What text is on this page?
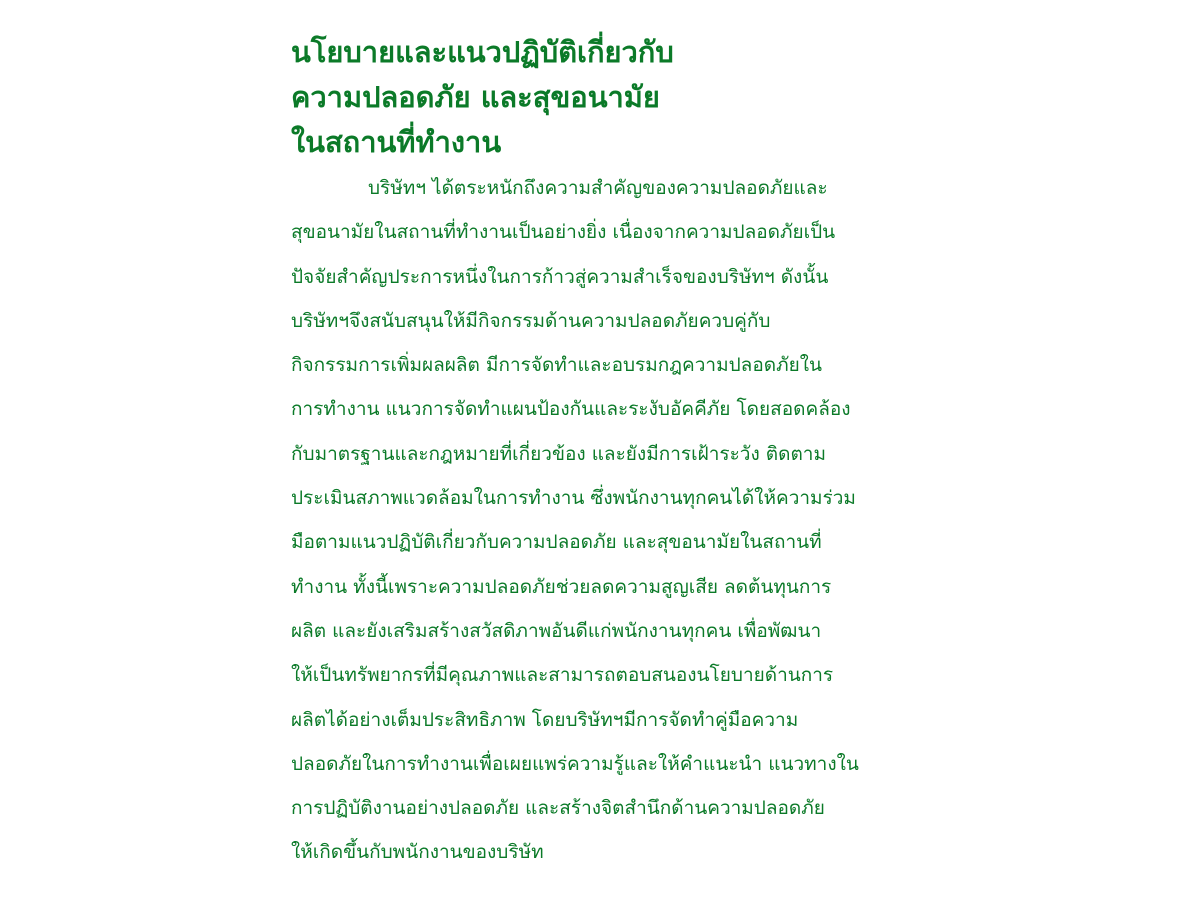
นโยบายและแนวปฏิบัติเกี่ยวกับ
ความปลอดภัย และสุขอนามัย
ในสถานที่ทำงาน

บริษัทฯ ได้ตระหนักถึงความสำคัญของความปลอดภัยและ
สุขอนามัยในสถานที่ทำงานเป็นอย่างยิ่ง เนื่องจากความปลอดภัยเป็น
ปัจจัยสำคัญประการหนึ่งในการก้าวสู่ความสำเร็จของบริษัทฯ ดังนั้น
บริษัทฯจึงสนับสนุนให้มีกิจกรรมด้านความปลอดภัยควบคู่กับ
กิจกรรมการเพิ่มผลผลิต มีการจัดทำและอบรมกฎความปลอดภัยใน
การทำงาน แนวการจัดทำแผนป้องกันและระงับอัคคีภัย โดยสอดคล้อง
กับมาตรฐานและกฎหมายที่เกี่ยวข้อง และยังมีการเฝ้าระวัง ติดตาม
ประเมินสภาพแวดล้อมในการทำงาน ซึ่งพนักงานทุกคนได้ให้ความร่วม
มือตามแนวปฏิบัติเกี่ยวกับความปลอดภัย และสุขอนามัยในสถานที่
ทำงาน ทั้งนี้เพราะความปลอดภัยช่วยลดความสูญเสีย ลดต้นทุนการ
ผลิต และยังเสริมสร้างสวัสดิภาพอันดีแก่พนักงานทุกคน เพื่อพัฒนา
ให้เป็นทรัพยากรที่มีคุณภาพและสามารถตอบสนองนโยบายด้านการ
ผลิตได้อย่างเต็มประสิทธิภาพ โดยบริษัทฯมีการจัดทำคู่มือความ
ปลอดภัยในการทำงานเพื่อเผยแพร่ความรู้และให้คำแนะนำ แนวทางใน
การปฏิบัติงานอย่างปลอดภัย และสร้างจิตสำนึกด้านความปลอดภัย
ให้เกิดขึ้นกับพนักงานของบริษัท
